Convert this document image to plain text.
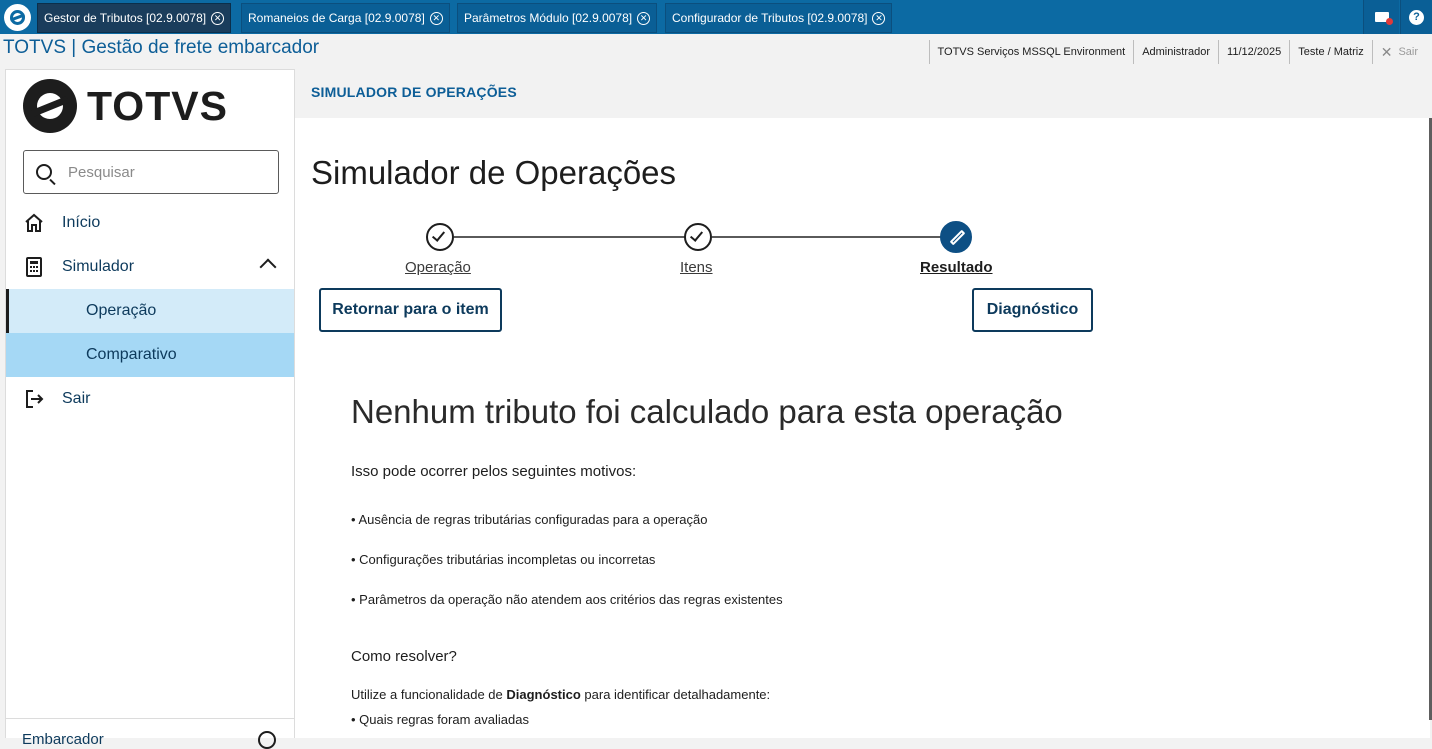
Gestor de Tributos [02.9.0078] ✕ Romaneios de Carga [02.9.0078] ✕ Parâmetros Módulo [02.9.0078] ✕ Configurador de Tributos [02.9.0078] ✕	?
TOTVS | Gestão de frete embarcador	TOTVS Serviços MSSQL Environment	Administrador	11/12/2025	Teste / Matriz	✕ Sair
TOTVS
Pesquisar
Início
Simulador
Operação
Comparativo
Sair
Embarcador
SIMULADOR DE OPERAÇÕES
Simulador de Operações
Operação	Itens	Resultado
Retornar para o item	Diagnóstico
Nenhum tributo foi calculado para esta operação
Isso pode ocorrer pelos seguintes motivos:
• Ausência de regras tributárias configuradas para a operação
• Configurações tributárias incompletas ou incorretas
• Parâmetros da operação não atendem aos critérios das regras existentes
Como resolver?
Utilize a funcionalidade de Diagnóstico para identificar detalhadamente:
• Quais regras foram avaliadas
